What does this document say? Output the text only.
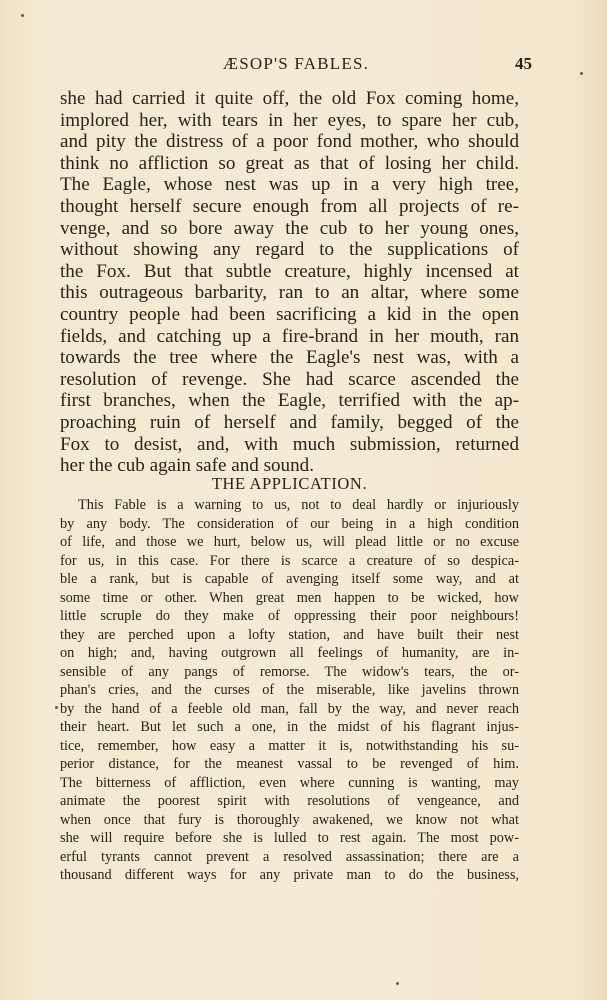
ÆSOP'S FABLES.	45
she had carried it quite off, the old Fox coming home,
implored her, with tears in her eyes, to spare her cub,
and pity the distress of a poor fond mother, who should
think no affliction so great as that of losing her child.
The Eagle, whose nest was up in a very high tree,
thought herself secure enough from all projects of re-
venge, and so bore away the cub to her young ones,
without showing any regard to the supplications of
the Fox. But that subtle creature, highly incensed at
this outrageous barbarity, ran to an altar, where some
country people had been sacrificing a kid in the open
fields, and catching up a fire-brand in her mouth, ran
towards the tree where the Eagle's nest was, with a
resolution of revenge. She had scarce ascended the
first branches, when the Eagle, terrified with the ap-
proaching ruin of herself and family, begged of the
Fox to desist, and, with much submission, returned
her the cub again safe and sound.
THE APPLICATION.
This Fable is a warning to us, not to deal hardly or injuriously
by any body. The consideration of our being in a high condition
of life, and those we hurt, below us, will plead little or no excuse
for us, in this case. For there is scarce a creature of so despica-
ble a rank, but is capable of avenging itself some way, and at
some time or other. When great men happen to be wicked, how
little scruple do they make of oppressing their poor neighbours!
they are perched upon a lofty station, and have built their nest
on high; and, having outgrown all feelings of humanity, are in-
sensible of any pangs of remorse. The widow's tears, the or-
phan's cries, and the curses of the miserable, like javelins thrown
by the hand of a feeble old man, fall by the way, and never reach
their heart. But let such a one, in the midst of his flagrant injus-
tice, remember, how easy a matter it is, notwithstanding his su-
perior distance, for the meanest vassal to be revenged of him.
The bitterness of affliction, even where cunning is wanting, may
animate the poorest spirit with resolutions of vengeance, and
when once that fury is thoroughly awakened, we know not what
she will require before she is lulled to rest again. The most pow-
erful tyrants cannot prevent a resolved assassination; there are a
thousand different ways for any private man to do the business,
